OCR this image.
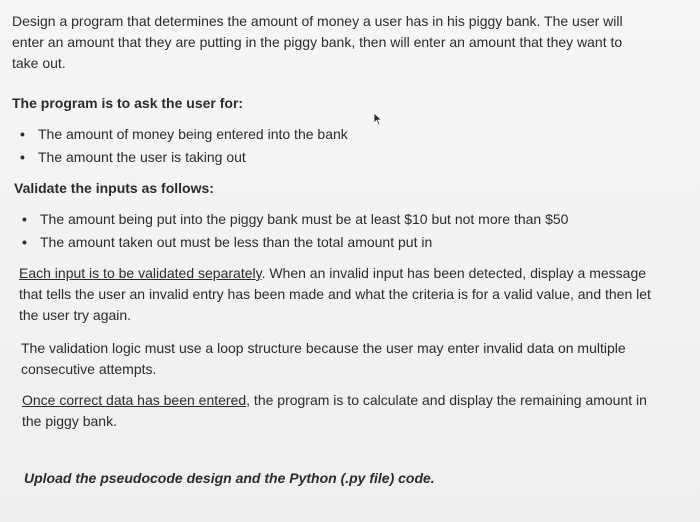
Design a program that determines the amount of money a user has in his piggy bank. The user will
enter an amount that they are putting in the piggy bank, then will enter an amount that they want to
take out.
The program is to ask the user for:
• The amount of money being entered into the bank
• The amount the user is taking out
Validate the inputs as follows:
• The amount being put into the piggy bank must be at least $10 but not more than $50
• The amount taken out must be less than the total amount put in
Each input is to be validated separately. When an invalid input has been detected, display a message
that tells the user an invalid entry has been made and what the criteria is for a valid value, and then let
the user try again.
The validation logic must use a loop structure because the user may enter invalid data on multiple
consecutive attempts.
Once correct data has been entered, the program is to calculate and display the remaining amount in
the piggy bank.
Upload the pseudocode design and the Python (.py file) code.
